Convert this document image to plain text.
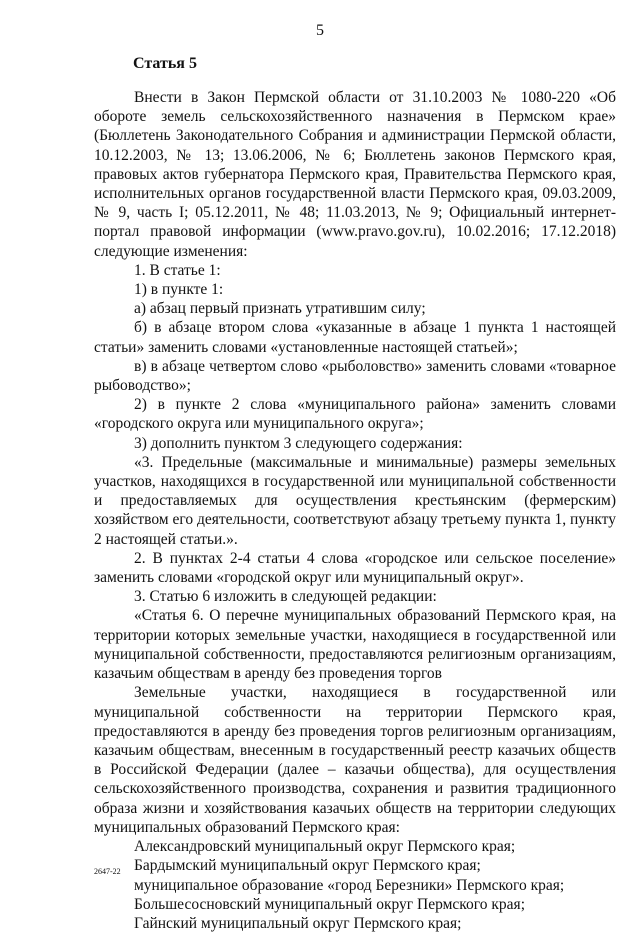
5
Статья 5

Внести в Закон Пермской области от 31.10.2003 № 1080-220 «Об обороте земель сельскохозяйственного назначения в Пермском крае» (Бюллетень Законодательного Собрания и администрации Пермской области, 10.12.2003, № 13; 13.06.2006, № 6; Бюллетень законов Пермского края, правовых актов губернатора Пермского края, Правительства Пермского края, исполнительных органов государственной власти Пермского края, 09.03.2009, № 9, часть I; 05.12.2011, № 48; 11.03.2013, № 9; Официальный интернет-портал правовой информации (www.pravo.gov.ru), 10.02.2016; 17.12.2018) следующие изменения:

1. В статье 1:

1) в пункте 1:

а) абзац первый признать утратившим силу;

б) в абзаце втором слова «указанные в абзаце 1 пункта 1 настоящей статьи» заменить словами «установленные настоящей статьей»;

в) в абзаце четвертом слово «рыболовство» заменить словами «товарное рыбоводство»;

2) в пункте 2 слова «муниципального района» заменить словами «городского округа или муниципального округа»;

3) дополнить пунктом 3 следующего содержания:

«3. Предельные (максимальные и минимальные) размеры земельных участков, находящихся в государственной или муниципальной собственности и предоставляемых для осуществления крестьянским (фермерским) хозяйством его деятельности, соответствуют абзацу третьему пункта 1, пункту 2 настоящей статьи.».

2. В пунктах 2-4 статьи 4 слова «городское или сельское поселение» заменить словами «городской округ или муниципальный округ».

3. Статью 6 изложить в следующей редакции:

«Статья 6. О перечне муниципальных образований Пермского края, на территории которых земельные участки, находящиеся в государственной или муниципальной собственности, предоставляются религиозным организациям, казачьим обществам в аренду без проведения торгов

Земельные участки, находящиеся в государственной или муниципальной собственности на территории Пермского края, предоставляются в аренду без проведения торгов религиозным организациям, казачьим обществам, внесенным в государственный реестр казачьих обществ в Российской Федерации (далее – казачьи общества), для осуществления сельскохозяйственного производства, сохранения и развития традиционного образа жизни и хозяйствования казачьих обществ на территории следующих муниципальных образований Пермского края:

Александровский муниципальный округ Пермского края;
Бардымский муниципальный округ Пермского края;
муниципальное образование «город Березники» Пермского края;
Большесосновский муниципальный округ Пермского края;
Гайнский муниципальный округ Пермского края;
2647-22
